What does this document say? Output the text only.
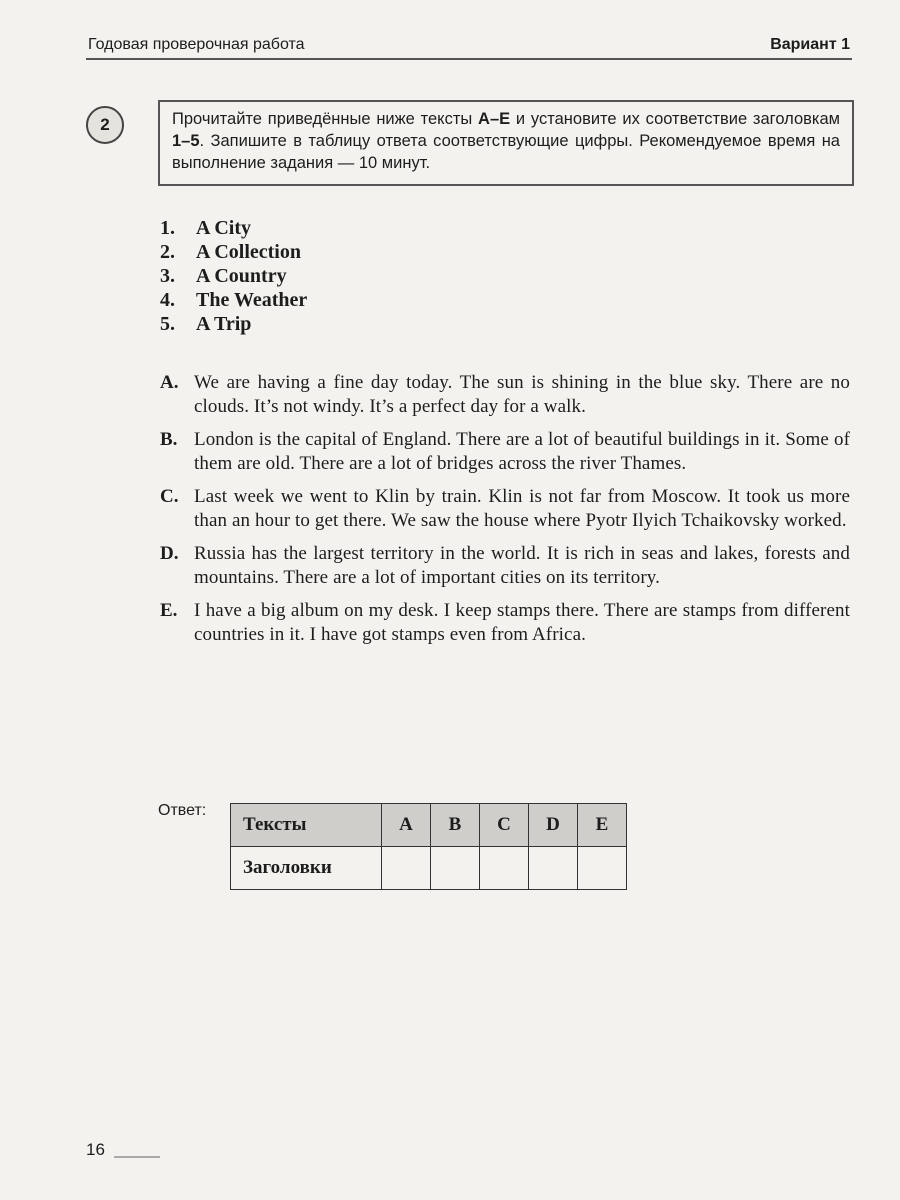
Годовая проверочная работа	Вариант 1
2	Прочитайте приведённые ниже тексты A–E и установите их соответствие заголовкам 1–5. Запишите в таблицу ответа соответствующие цифры. Рекомендуемое время на выполнение задания — 10 минут.
1.	A City
2.	A Collection
3.	A Country
4.	The Weather
5.	A Trip
A. We are having a fine day today. The sun is shining in the blue sky. There are no clouds. It’s not windy. It’s a perfect day for a walk.
B. London is the capital of England. There are a lot of beautiful buildings in it. Some of them are old. There are a lot of bridges across the river Thames.
C. Last week we went to Klin by train. Klin is not far from Moscow. It took us more than an hour to get there. We saw the house where Pyotr Ilyich Tchaikovsky worked.
D. Russia has the largest territory in the world. It is rich in seas and lakes, forests and mountains. There are a lot of important cities on its territory.
E. I have a big album on my desk. I keep stamps there. There are stamps from different countries in it. I have got stamps even from Africa.
Ответ:
Тексты	A	B	C	D	E
Заголовки					
16
